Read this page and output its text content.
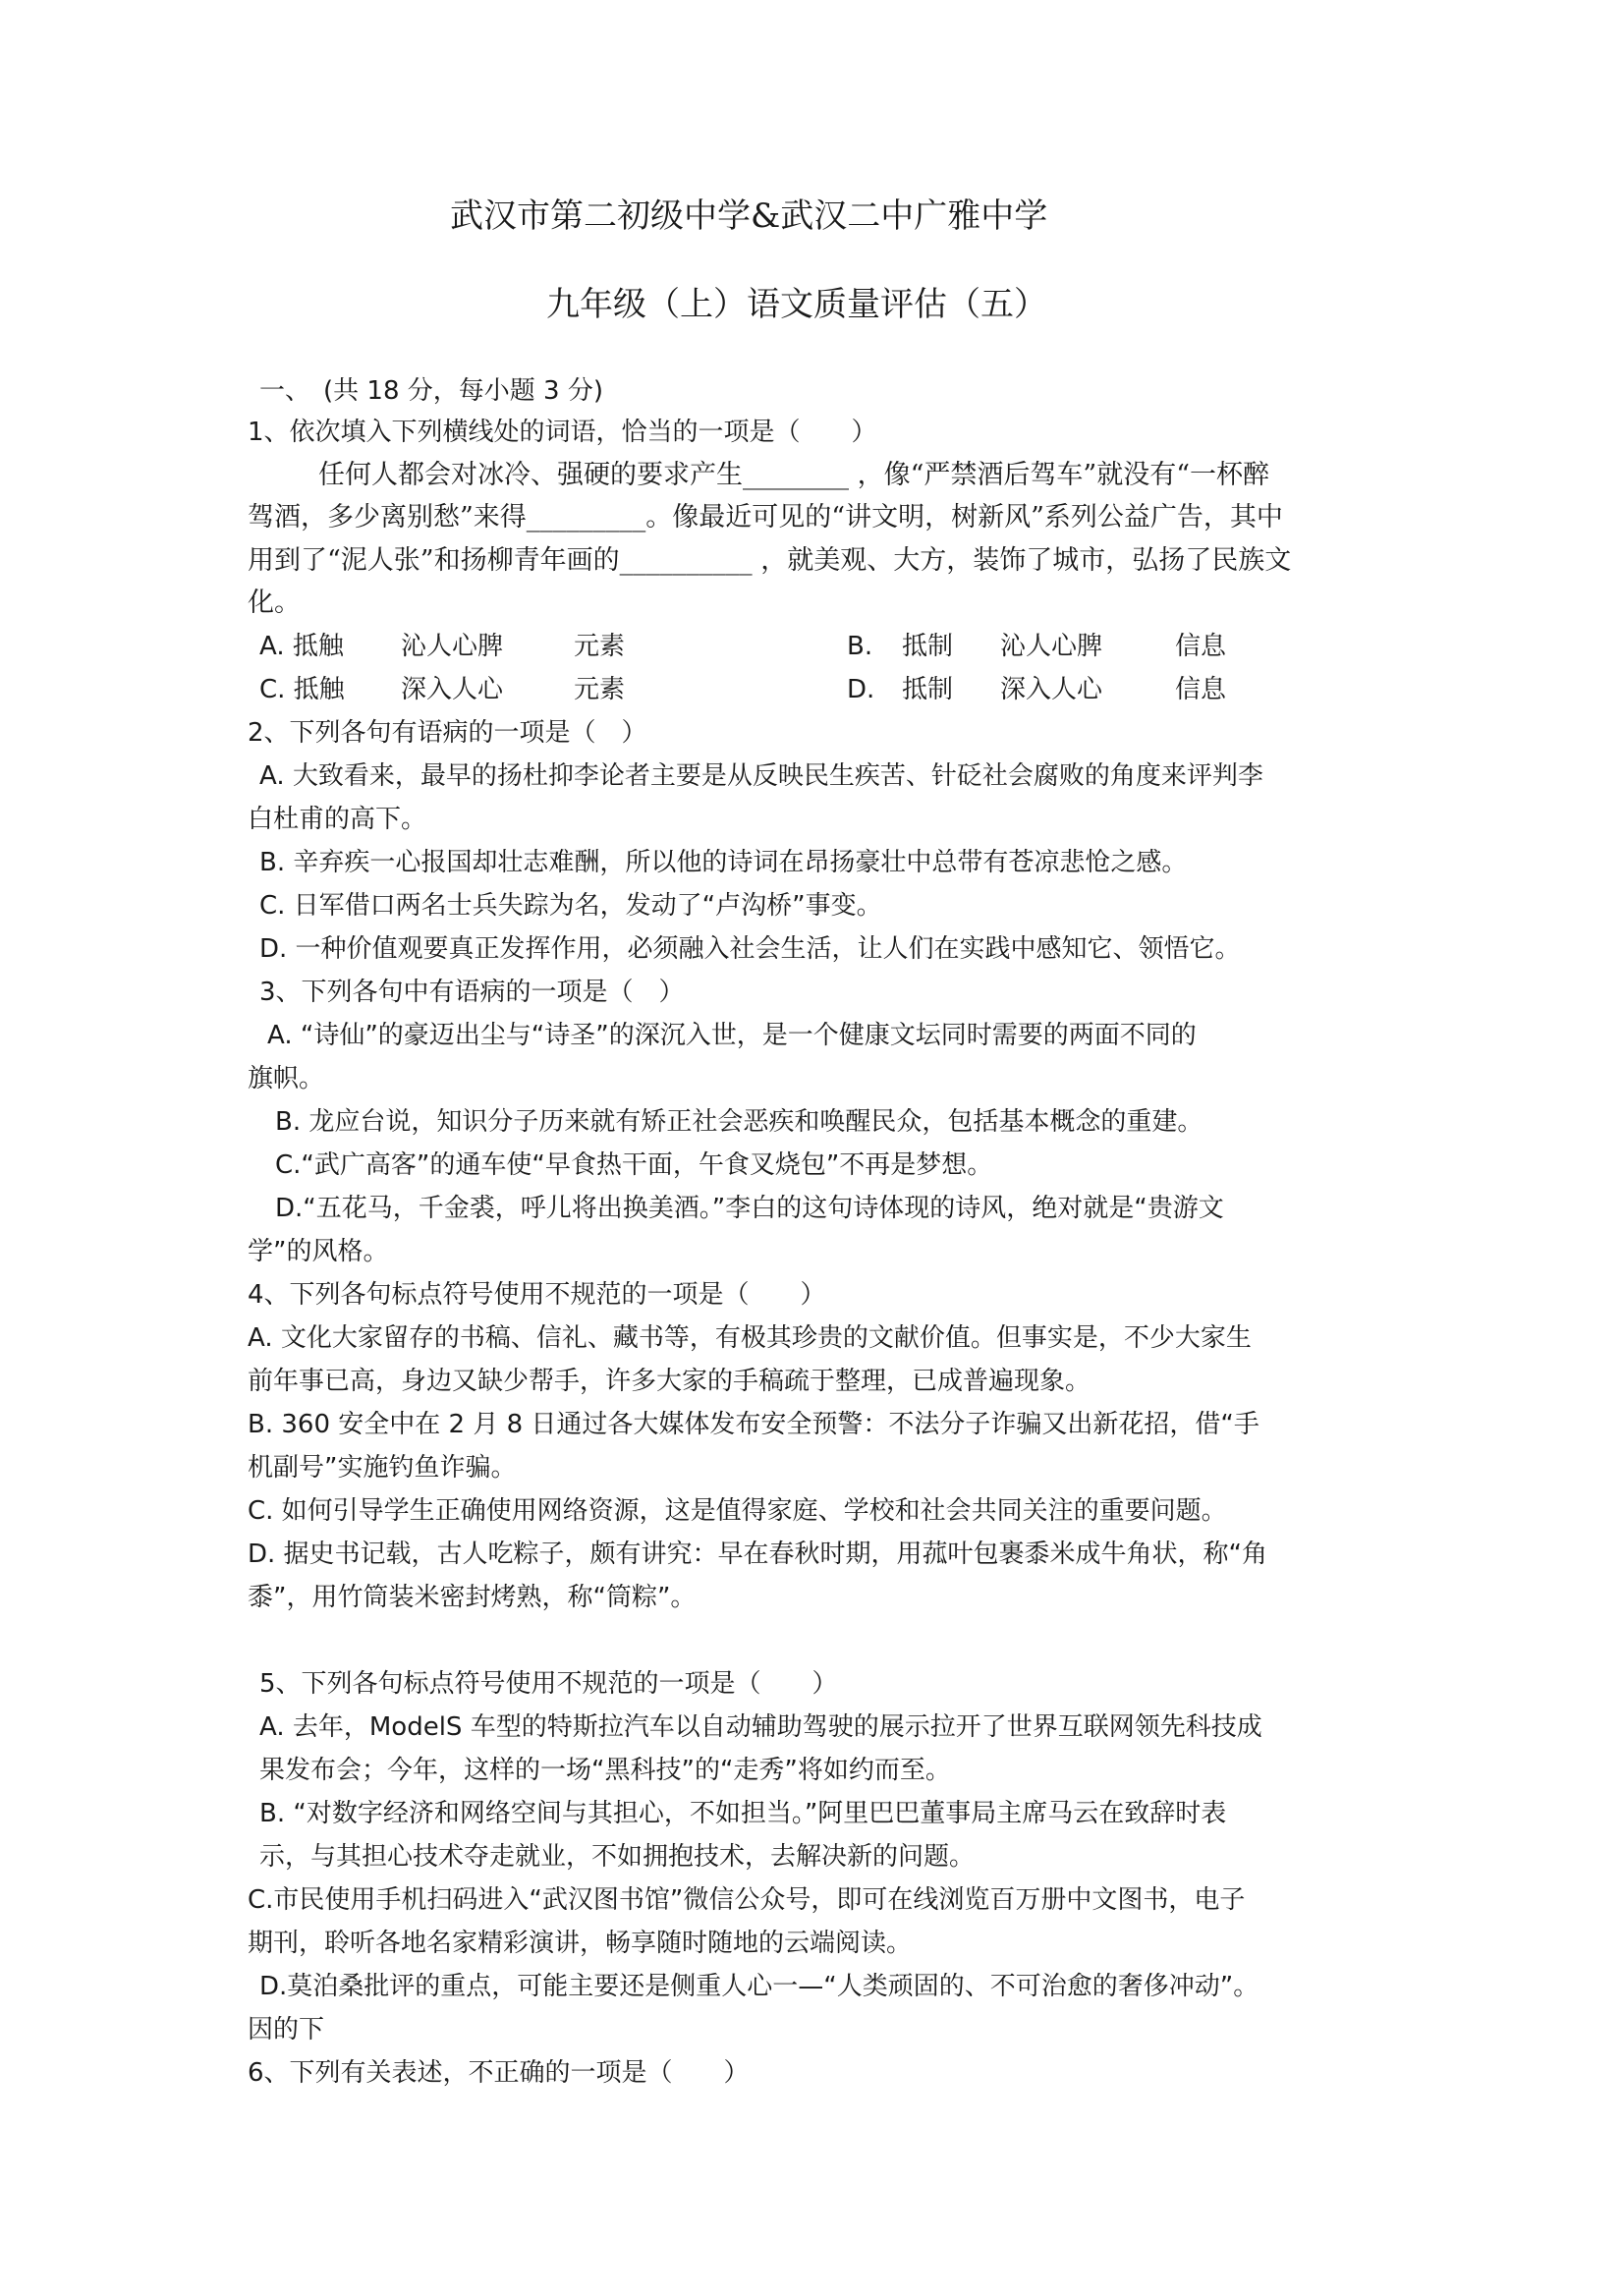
武汉市第二初级中学&武汉二中广雅中学
九年级（上）语文质量评估（五）
一、　(共 18 分，每小题 3 分)
1、依次填入下列横线处的词语，恰当的一项是（　　）
任何人都会对冰冷、强硬的要求产生________ ，像“严禁酒后驾车”就没有“一杯醉
驾酒，多少离别愁”来得_________。像最近可见的“讲文明，树新风”系列公益广告，其中
用到了“泥人张”和扬柳青年画的__________ ，就美观、大方，装饰了城市，弘扬了民族文
化。
A. 抵触 沁人心脾	元素	B. 抵制 沁人心脾	信息
C. 抵触 深入人心	元素	D. 抵制 深入人心	信息
2、下列各句有语病的一项是（　）
A. 大致看来，最早的扬杜抑李论者主要是从反映民生疾苦、针砭社会腐败的角度来评判李
白杜甫的高下。
B. 辛弃疾一心报国却壮志难酬，所以他的诗词在昂扬豪壮中总带有苍凉悲怆之感。
C. 日军借口两名士兵失踪为名，发动了“卢沟桥”事变。
D. 一种价值观要真正发挥作用，必须融入社会生活，让人们在实践中感知它、领悟它。
3、下列各句中有语病的一项是（　）
A. “诗仙”的豪迈出尘与“诗圣”的深沉入世，是一个健康文坛同时需要的两面不同的
旗帜。
B. 龙应台说，知识分子历来就有矫正社会恶疾和唤醒民众，包括基本概念的重建。
C.“武广高客”的通车使“早食热干面，午食叉烧包”不再是梦想。
D.“五花马，千金裘，呼儿将出换美酒。”李白的这句诗体现的诗风，绝对就是“贵游文
学”的风格。
4、下列各句标点符号使用不规范的一项是（　　）
A. 文化大家留存的书稿、信礼、藏书等，有极其珍贵的文献价值。但事实是，不少大家生
前年事已高，身边又缺少帮手，许多大家的手稿疏于整理，已成普遍现象。
B. 360 安全中在 2 月 8 日通过各大媒体发布安全预警：不法分子诈骗又出新花招，借“手
机副号”实施钓鱼诈骗。
C. 如何引导学生正确使用网络资源，这是值得家庭、学校和社会共同关注的重要问题。
D. 据史书记载，古人吃粽子，颇有讲究：早在春秋时期，用菰叶包裹黍米成牛角状，称“角
黍”，用竹筒装米密封烤熟，称“筒粽”。
5、下列各句标点符号使用不规范的一项是（　　）
A. 去年，ModelS 车型的特斯拉汽车以自动辅助驾驶的展示拉开了世界互联网领先科技成
果发布会；今年，这样的一场“黑科技”的“走秀”将如约而至。
B. “对数字经济和网络空间与其担心，不如担当。”阿里巴巴董事局主席马云在致辞时表
示，与其担心技术夺走就业，不如拥抱技术，去解决新的问题。
C.市民使用手机扫码进入“武汉图书馆”微信公众号，即可在线浏览百万册中文图书，电子
期刊，聆听各地名家精彩演讲，畅享随时随地的云端阅读。
D.莫泊桑批评的重点，可能主要还是侧重人心一—“人类顽固的、不可治愈的奢侈冲动”。
因的下
6、下列有关表述，不正确的一项是（　　）
